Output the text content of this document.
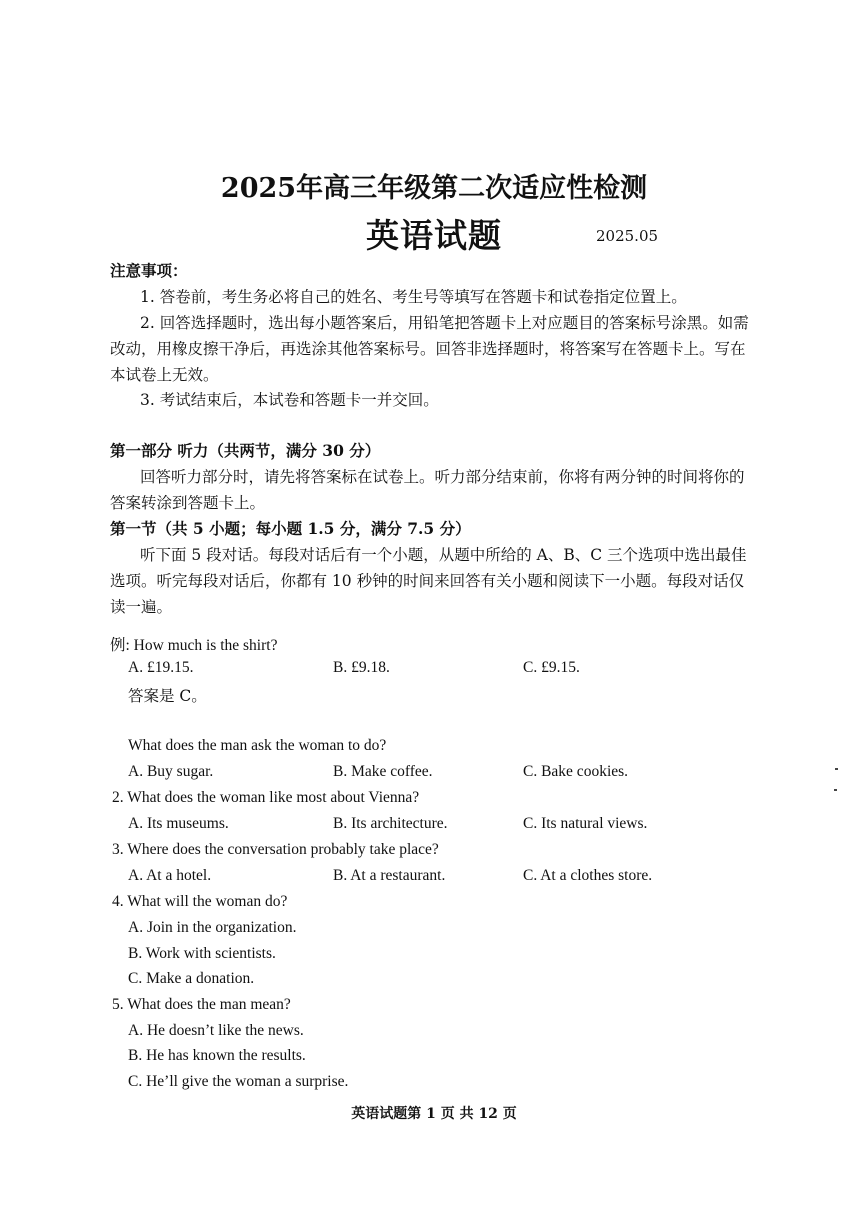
2025年高三年级第二次适应性检测
英语试题	2025.05
注意事项：
1. 答卷前，考生务必将自己的姓名、考生号等填写在答题卡和试卷指定位置上。
2. 回答选择题时，选出每小题答案后，用铅笔把答题卡上对应题目的答案标号涂黑。如需
改动，用橡皮擦干净后，再选涂其他答案标号。回答非选择题时，将答案写在答题卡上。写在
本试卷上无效。
3. 考试结束后，本试卷和答题卡一并交回。
第一部分 听力（共两节，满分 30 分）
回答听力部分时，请先将答案标在试卷上。听力部分结束前，你将有两分钟的时间将你的
答案转涂到答题卡上。
第一节（共 5 小题；每小题 1.5 分，满分 7.5 分）
听下面 5 段对话。每段对话后有一个小题，从题中所给的 A、B、C 三个选项中选出最佳
选项。听完每段对话后，你都有 10 秒钟的时间来回答有关小题和阅读下一小题。每段对话仅
读一遍。
例: How much is the shirt?
A. £19.15.	B. £9.18.	C. £9.15.
答案是 C。
What does the man ask the woman to do?
A. Buy sugar.	B. Make coffee.	C. Bake cookies.
2. What does the woman like most about Vienna?
A. Its museums.	B. Its architecture.	C. Its natural views.
3. Where does the conversation probably take place?
A. At a hotel.	B. At a restaurant.	C. At a clothes store.
4. What will the woman do?
A. Join in the organization.
B. Work with scientists.
C. Make a donation.
5. What does the man mean?
A. He doesn’t like the news.
B. He has known the results.
C. He’ll give the woman a surprise.
英语试题第 1 页 共 12 页
